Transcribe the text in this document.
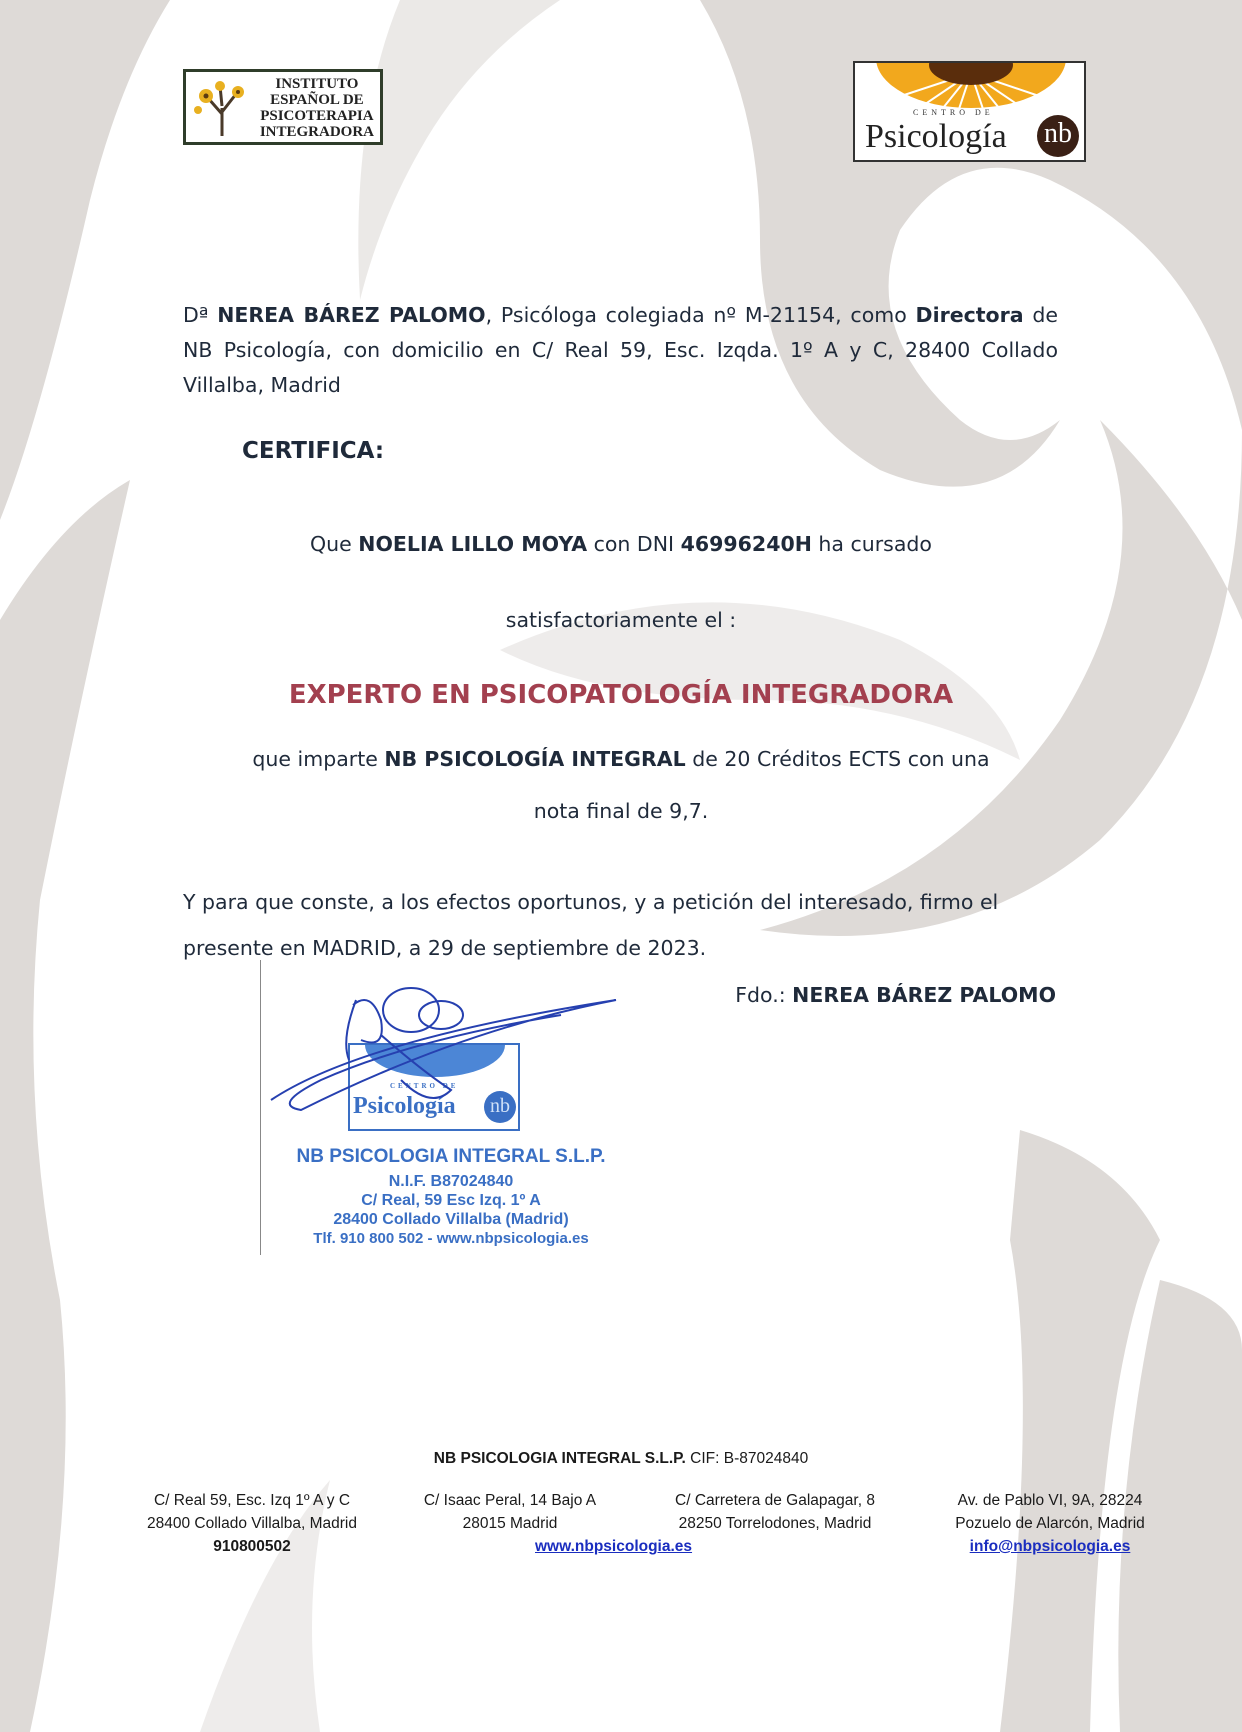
INSTITUTO
ESPAÑOL DE
PSICOTERAPIA
INTEGRADORA
CENTRO DE
Psicología nb
Dª NEREA BÁREZ PALOMO, Psicóloga colegiada nº M-21154, como Directora de
NB Psicología, con domicilio en C/ Real 59, Esc. Izqda. 1º A y C, 28400 Collado
Villalba, Madrid
CERTIFICA:
Que NOELIA LILLO MOYA con DNI 46996240H ha cursado
satisfactoriamente el :
EXPERTO EN PSICOPATOLOGÍA INTEGRADORA
que imparte NB PSICOLOGÍA INTEGRAL de 20 Créditos ECTS con una
nota final de 9,7.
Y para que conste, a los efectos oportunos, y a petición del interesado, firmo el
presente en MADRID, a 29 de septiembre de 2023.
Fdo.: NEREA BÁREZ PALOMO
CENTRO DE
Psicología	nb
NB PSICOLOGIA INTEGRAL S.L.P.
N.I.F. B87024840
C/ Real, 59 Esc Izq. 1º A
28400 Collado Villalba (Madrid)
Tlf. 910 800 502 - www.nbpsicologia.es
NB PSICOLOGIA INTEGRAL S.L.P. CIF: B-87024840
C/ Real 59, Esc. Izq 1º A y C
28400 Collado Villalba, Madrid
910800502
C/ Isaac Peral, 14 Bajo A
28015 Madrid
www.nbpsicologia.es
C/ Carretera de Galapagar, 8
28250 Torrelodones, Madrid
Av. de Pablo VI, 9A, 28224
Pozuelo de Alarcón, Madrid
info@nbpsicologia.es
